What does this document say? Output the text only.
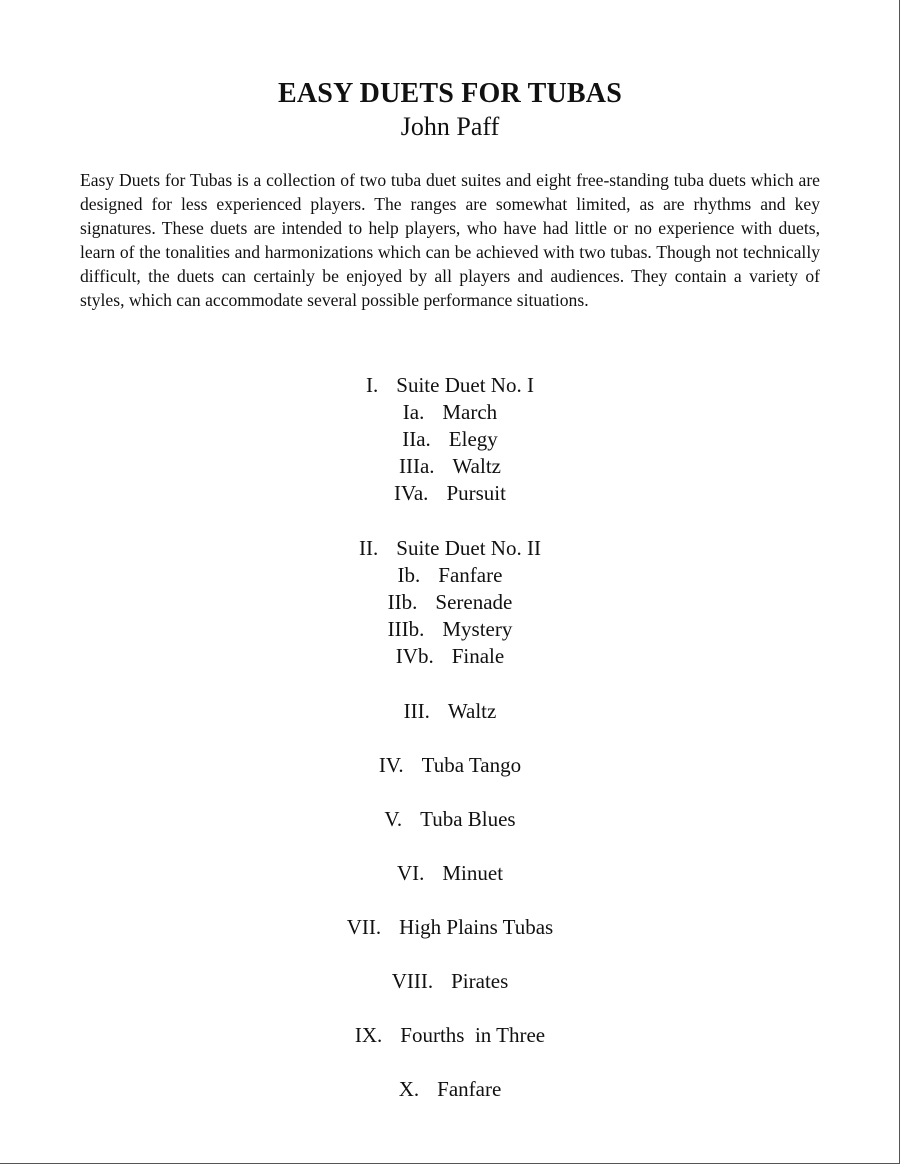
EASY DUETS FOR TUBAS
John Paff

Easy Duets for Tubas is a collection of two tuba duet suites and eight free-standing tuba duets which are designed for less experienced players. The ranges are somewhat limited, as are rhythms and key signatures. These duets are intended to help players, who have had little or no experience with duets, learn of the tonalities and harmonizations which can be achieved with two tubas. Though not technically difficult, the duets can certainly be enjoyed by all players and audiences. They contain a variety of styles, which can accommodate several possible performance situations.

I. Suite Duet No. I
Ia. March
IIa. Elegy
IIIa. Waltz
IVa. Pursuit
II. Suite Duet No. II
Ib. Fanfare
IIb. Serenade
IIIb. Mystery
IVb. Finale
III. Waltz
IV. Tuba Tango
V. Tuba Blues
VI. Minuet
VII. High Plains Tubas
VIII. Pirates
IX. Fourths  in Three
X. Fanfare
